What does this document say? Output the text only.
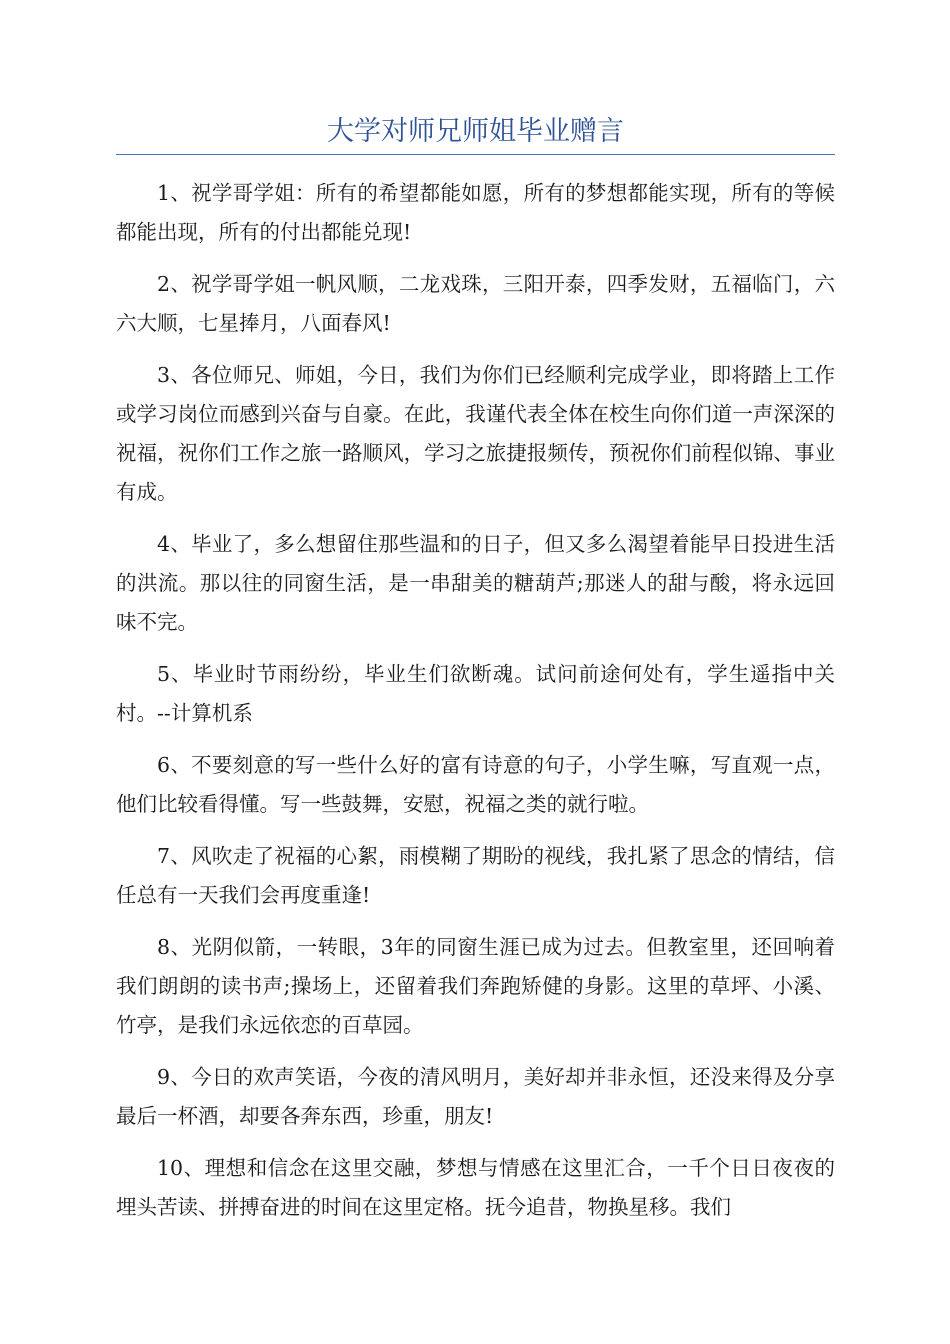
大学对师兄师姐毕业赠言

1、祝学哥学姐：所有的希望都能如愿，所有的梦想都能实现，所有的等候都能出现，所有的付出都能兑现!

2、祝学哥学姐一帆风顺，二龙戏珠，三阳开泰，四季发财，五福临门，六六大顺，七星捧月，八面春风!

3、各位师兄、师姐，今日，我们为你们已经顺利完成学业，即将踏上工作或学习岗位而感到兴奋与自豪。在此，我谨代表全体在校生向你们道一声深深的祝福，祝你们工作之旅一路顺风，学习之旅捷报频传，预祝你们前程似锦、事业有成。

4、毕业了，多么想留住那些温和的日子，但又多么渴望着能早日投进生活的洪流。那以往的同窗生活，是一串甜美的糖葫芦;那迷人的甜与酸，将永远回味不完。

5、毕业时节雨纷纷，毕业生们欲断魂。试问前途何处有，学生遥指中关村。--计算机系

6、不要刻意的写一些什么好的富有诗意的句子，小学生嘛，写直观一点，他们比较看得懂。写一些鼓舞，安慰，祝福之类的就行啦。

7、风吹走了祝福的心絮，雨模糊了期盼的视线，我扎紧了思念的情结，信任总有一天我们会再度重逢!

8、光阴似箭，一转眼，3年的同窗生涯已成为过去。但教室里，还回响着我们朗朗的读书声;操场上，还留着我们奔跑矫健的身影。这里的草坪、小溪、竹亭，是我们永远依恋的百草园。

9、今日的欢声笑语，今夜的清风明月，美好却并非永恒，还没来得及分享最后一杯酒，却要各奔东西，珍重，朋友!

10、理想和信念在这里交融，梦想与情感在这里汇合，一千个日日夜夜的埋头苦读、拼搏奋进的时间在这里定格。抚今追昔，物换星移。我们
